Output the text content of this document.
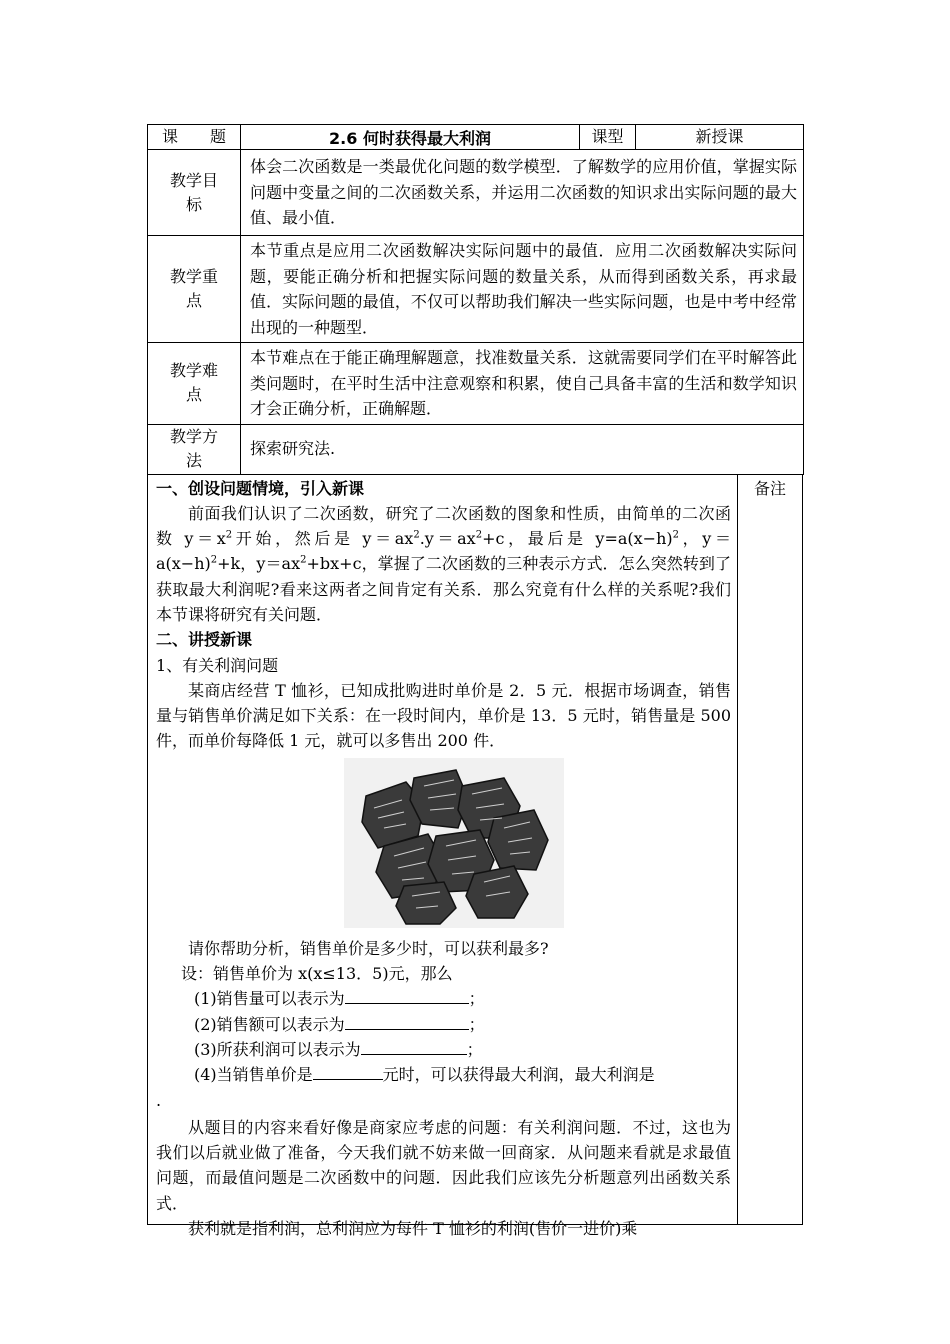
课　　题	2.6 何时获得最大利润	课型	新授课
教学目
标	体会二次函数是一类最优化问题的数学模型．了解数学的应用价值，掌握实际问题中变量之间的二次函数关系，并运用二次函数的知识求出实际问题的最大值、最小值．		
教学重
点	本节重点是应用二次函数解决实际问题中的最值．应用二次函数解决实际问题，要能正确分析和把握实际问题的数量关系，从而得到函数关系，再求最值．实际问题的最值，不仅可以帮助我们解决一些实际问题，也是中考中经常出现的一种题型．		
教学难
点	本节难点在于能正确理解题意，找准数量关系．这就需要同学们在平时解答此类问题时，在平时生活中注意观察和积累，使自己具备丰富的生活和数学知识才会正确分析，正确解题．		
教学方
法	探索研究法.		

一、创设问题情境，引入新课

前面我们认识了二次函数，研究了二次函数的图象和性质，由简单的二次函数 $y=x^2$开始，然后是 $y=ax^2.y=ax^2+c$，最后是 $y=a(x-h)^2$，$y=a(x-h)^2+k$，$y=ax^2+bx+c$，掌握了二次函数的三种表示方式．怎么突然转到了获取最大利润呢?看来这两者之间肯定有关系．那么究竟有什么样的关系呢?我们本节课将研究有关问题．

二、讲授新课

1、有关利润问题

某商店经营 T 恤衫，已知成批购进时单价是 2．5 元．根据市场调查，销售量与销售单价满足如下关系：在一段时间内，单价是 13．5 元时，销售量是 500 件，而单价每降低 1 元，就可以多售出 200 件．

请你帮助分析，销售单价是多少时，可以获利最多?

设：销售单价为 x(x≤13．5)元，那么

(1)销售量可以表示为	；

(2)销售额可以表示为	；

(3)所获利润可以表示为	；

(4)当销售单价是	元时，可以获得最大利润，最大利润是

.

从题目的内容来看好像是商家应考虑的问题：有关利润问题．不过，这也为我们以后就业做了准备，今天我们就不妨来做一回商家．从问题来看就是求最值问题，而最值问题是二次函数中的问题．因此我们应该先分析题意列出函数关系式．

获利就是指利润，总利润应为每件 T 恤衫的利润(售价一进价)乘

备注
